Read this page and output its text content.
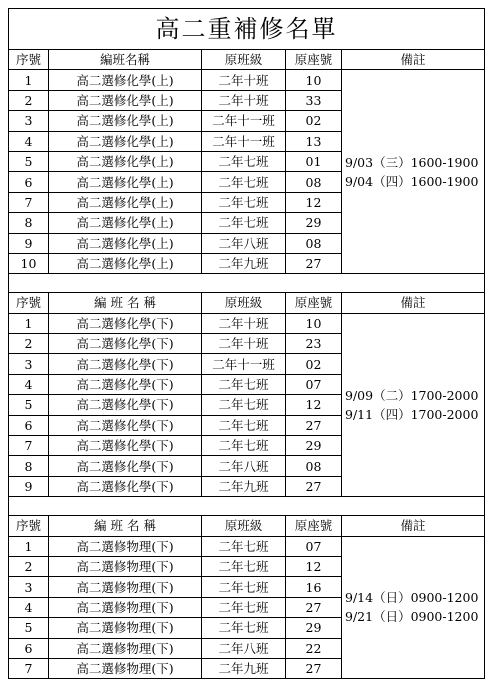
高二重補修名單				
序號	編班名稱	原班級	原座號	備註
1	高二選修化學(上)	二年十班	10	9/03（三）1600-1900
9/04（四）1600-1900

2	高二選修化學(上)	二年十班	33	
3	高二選修化學(上)	二年十一班	02	
4	高二選修化學(上)	二年十一班	13	
5	高二選修化學(上)	二年七班	01	
6	高二選修化學(上)	二年七班	08	
7	高二選修化學(上)	二年七班	12	
8	高二選修化學(上)	二年七班	29	
9	高二選修化學(上)	二年八班	08	
10	高二選修化學(上)	二年九班	27	

序號	編 班 名 稱	原班級	原座號	備註
1	高二選修化學(下)	二年十班	10	9/09（二）1700-2000
9/11（四）1700-2000

2	高二選修化學(下)	二年十班	23	
3	高二選修化學(下)	二年十一班	02	
4	高二選修化學(下)	二年七班	07	
5	高二選修化學(下)	二年七班	12	
6	高二選修化學(下)	二年七班	27	
7	高二選修化學(下)	二年七班	29	
8	高二選修化學(下)	二年八班	08	
9	高二選修化學(下)	二年九班	27	

序號	編 班 名 稱	原班級	原座號	備註
1	高二選修物理(下)	二年七班	07	9/14（日）0900-1200
9/21（日）0900-1200

2	高二選修物理(下)	二年七班	12	
3	高二選修物理(下)	二年七班	16	
4	高二選修物理(下)	二年七班	27	
5	高二選修物理(下)	二年七班	29	
6	高二選修物理(下)	二年八班	22	
7	高二選修物理(下)	二年九班	27	
